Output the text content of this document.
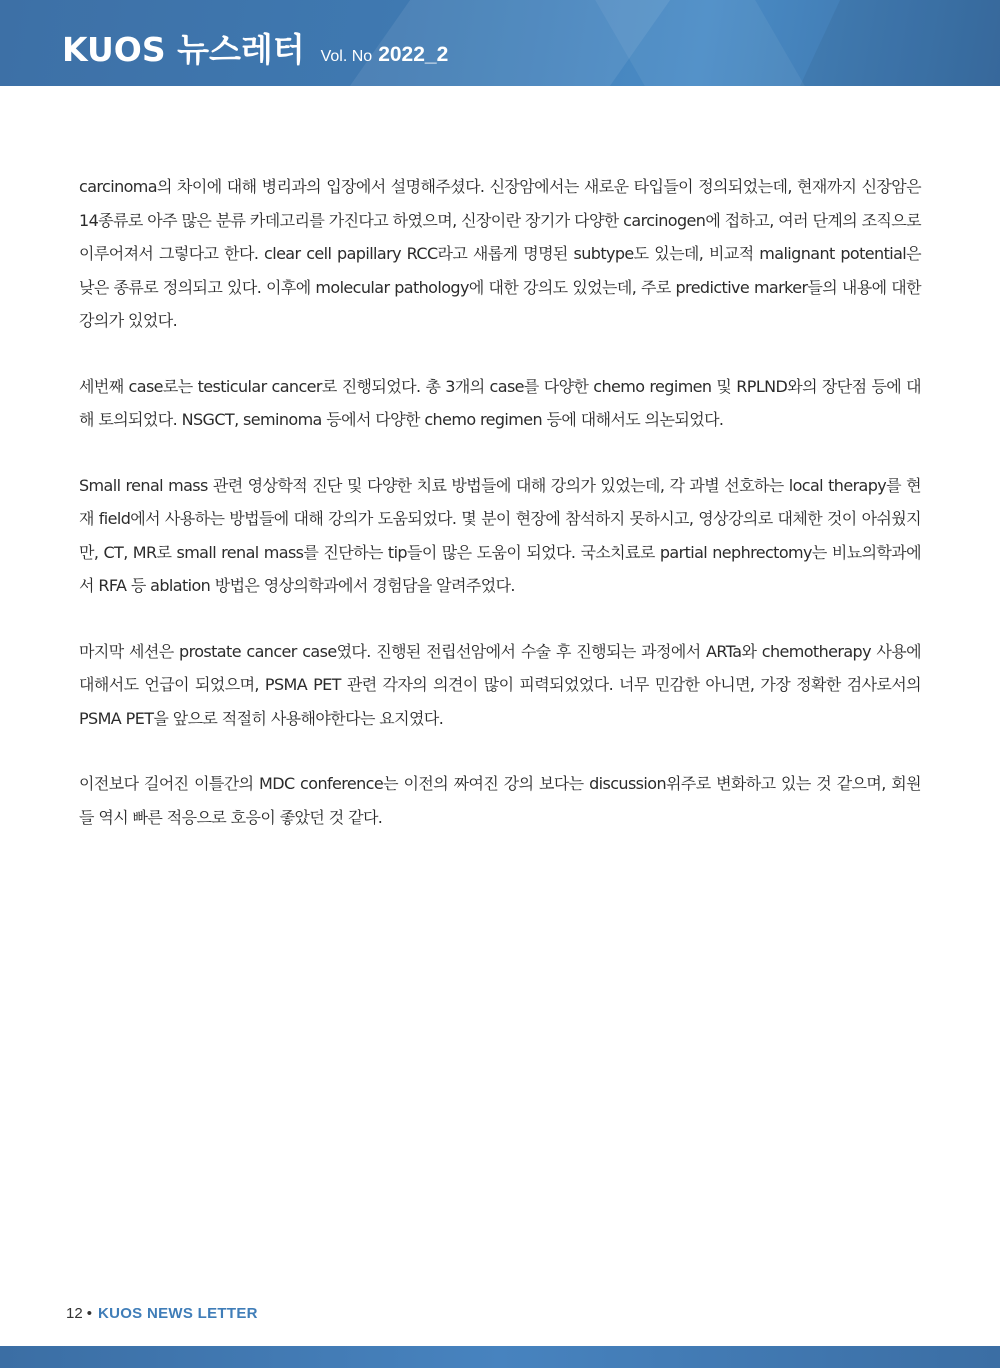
KUOS 뉴스레터 Vol. No 2022_2

carcinoma의 차이에 대해 병리과의 입장에서 설명해주셨다. 신장암에서는 새로운 타입들이 정의되었는데, 현재까지 신장암은 14종류로 아주 많은 분류 카데고리를 가진다고 하였으며, 신장이란 장기가 다양한 carcinogen에 접하고, 여러 단계의 조직으로 이루어져서 그렇다고 한다. clear cell papillary RCC라고 새롭게 명명된 subtype도 있는데, 비교적 malignant potential은 낮은 종류로 정의되고 있다. 이후에 molecular pathology에 대한 강의도 있었는데, 주로 predictive marker들의 내용에 대한 강의가 있었다.

세번째 case로는 testicular cancer로 진행되었다. 총 3개의 case를 다양한 chemo regimen 및 RPLND와의 장단점 등에 대해 토의되었다. NSGCT, seminoma 등에서 다양한 chemo regimen 등에 대해서도 의논되었다.

Small renal mass 관련 영상학적 진단 및 다양한 치료 방법들에 대해 강의가 있었는데, 각 과별 선호하는 local therapy를 현재 field에서 사용하는 방법들에 대해 강의가 도움되었다. 몇 분이 현장에 참석하지 못하시고, 영상강의로 대체한 것이 아쉬웠지만, CT, MR로 small renal mass를 진단하는 tip들이 많은 도움이 되었다. 국소치료로 partial nephrectomy는 비뇨의학과에서 RFA 등 ablation 방법은 영상의학과에서 경험담을 알려주었다.

마지막 세션은 prostate cancer case였다. 진행된 전립선암에서 수술 후 진행되는 과정에서 ARTa와 chemotherapy 사용에 대해서도 언급이 되었으며, PSMA PET 관련 각자의 의견이 많이 피력되었었다. 너무 민감한 아니면, 가장 정확한 검사로서의 PSMA PET을 앞으로 적절히 사용해야한다는 요지였다.

이전보다 길어진 이틀간의 MDC conference는 이전의 짜여진 강의 보다는 discussion위주로 변화하고 있는 것 같으며, 회원들 역시 빠른 적응으로 호응이 좋았던 것 같다.

12 • KUOS NEWS LETTER
